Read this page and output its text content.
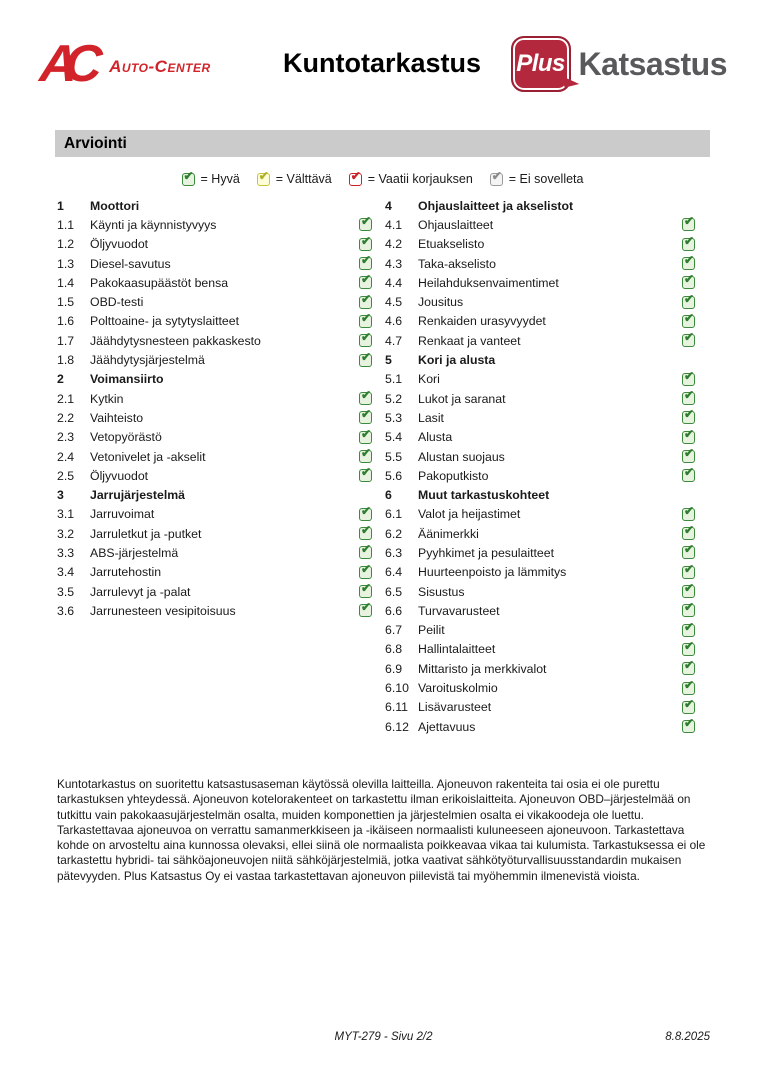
AC	Auto-Center	Kuntotarkastus	Plus Katsastus
Arviointi
✔ = Hyvä ✔ = Välttävä ✔ = Vaatii korjauksen ✔ = Ei sovelleta
1	Moottori
1.1	Käynti ja käynnistyvyys	✔
1.2	Öljyvuodot	✔
1.3	Diesel-savutus	✔
1.4	Pakokaasupäästöt bensa	✔
1.5	OBD-testi	✔
1.6	Polttoaine- ja sytytyslaitteet	✔
1.7	Jäähdytysnesteen pakkaskesto	✔
1.8	Jäähdytysjärjestelmä	✔
2	Voimansiirto
2.1	Kytkin	✔
2.2	Vaihteisto	✔
2.3	Vetopyörästö	✔
2.4	Vetonivelet ja -akselit	✔
2.5	Öljyvuodot	✔
3	Jarrujärjestelmä
3.1	Jarruvoimat	✔
3.2	Jarruletkut ja -putket	✔
3.3	ABS-järjestelmä	✔
3.4	Jarrutehostin	✔
3.5	Jarrulevyt ja -palat	✔
3.6	Jarrunesteen vesipitoisuus	✔
4	Ohjauslaitteet ja akselistot
4.1	Ohjauslaitteet	✔
4.2	Etuakselisto	✔
4.3	Taka-akselisto	✔
4.4	Heilahduksenvaimentimet	✔
4.5	Jousitus	✔
4.6	Renkaiden urasyvyydet	✔
4.7	Renkaat ja vanteet	✔
5	Kori ja alusta
5.1	Kori	✔
5.2	Lukot ja saranat	✔
5.3	Lasit	✔
5.4	Alusta	✔
5.5	Alustan suojaus	✔
5.6	Pakoputkisto	✔
6	Muut tarkastuskohteet
6.1	Valot ja heijastimet	✔
6.2	Äänimerkki	✔
6.3	Pyyhkimet ja pesulaitteet	✔
6.4	Huurteenpoisto ja lämmitys	✔
6.5	Sisustus	✔
6.6	Turvavarusteet	✔
6.7	Peilit	✔
6.8	Hallintalaitteet	✔
6.9	Mittaristo ja merkkivalot	✔
6.10 Varoituskolmio	✔
6.11 Lisävarusteet	✔
6.12 Ajettavuus	✔
Kuntotarkastus on suoritettu katsastusaseman käytössä olevilla laitteilla. Ajoneuvon rakenteita tai osia ei ole purettu tarkastuksen yhteydessä. Ajoneuvon kotelorakenteet on tarkastettu ilman erikoislaitteita. Ajoneuvon OBD–järjestelmää on tutkittu vain pakokaasujärjestelmän osalta, muiden komponettien ja järjestelmien osalta ei vikakoodeja ole luettu. Tarkastettavaa ajoneuvoa on verrattu samanmerkkiseen ja -ikäiseen normaalisti kuluneeseen ajoneuvoon. Tarkastettava kohde on arvosteltu aina kunnossa olevaksi, ellei siinä ole normaalista poikkeavaa vikaa tai kulumista. Tarkastuksessa ei ole tarkastettu hybridi- tai sähköajoneuvojen niitä sähköjärjestelmiä, jotka vaativat sähkötyöturvallisuusstandardin mukaisen pätevyyden. Plus Katsastus Oy ei vastaa tarkastettavan ajoneuvon piilevistä tai myöhemmin ilmenevistä vioista.
MYT-279 - Sivu 2/2	8.8.2025
